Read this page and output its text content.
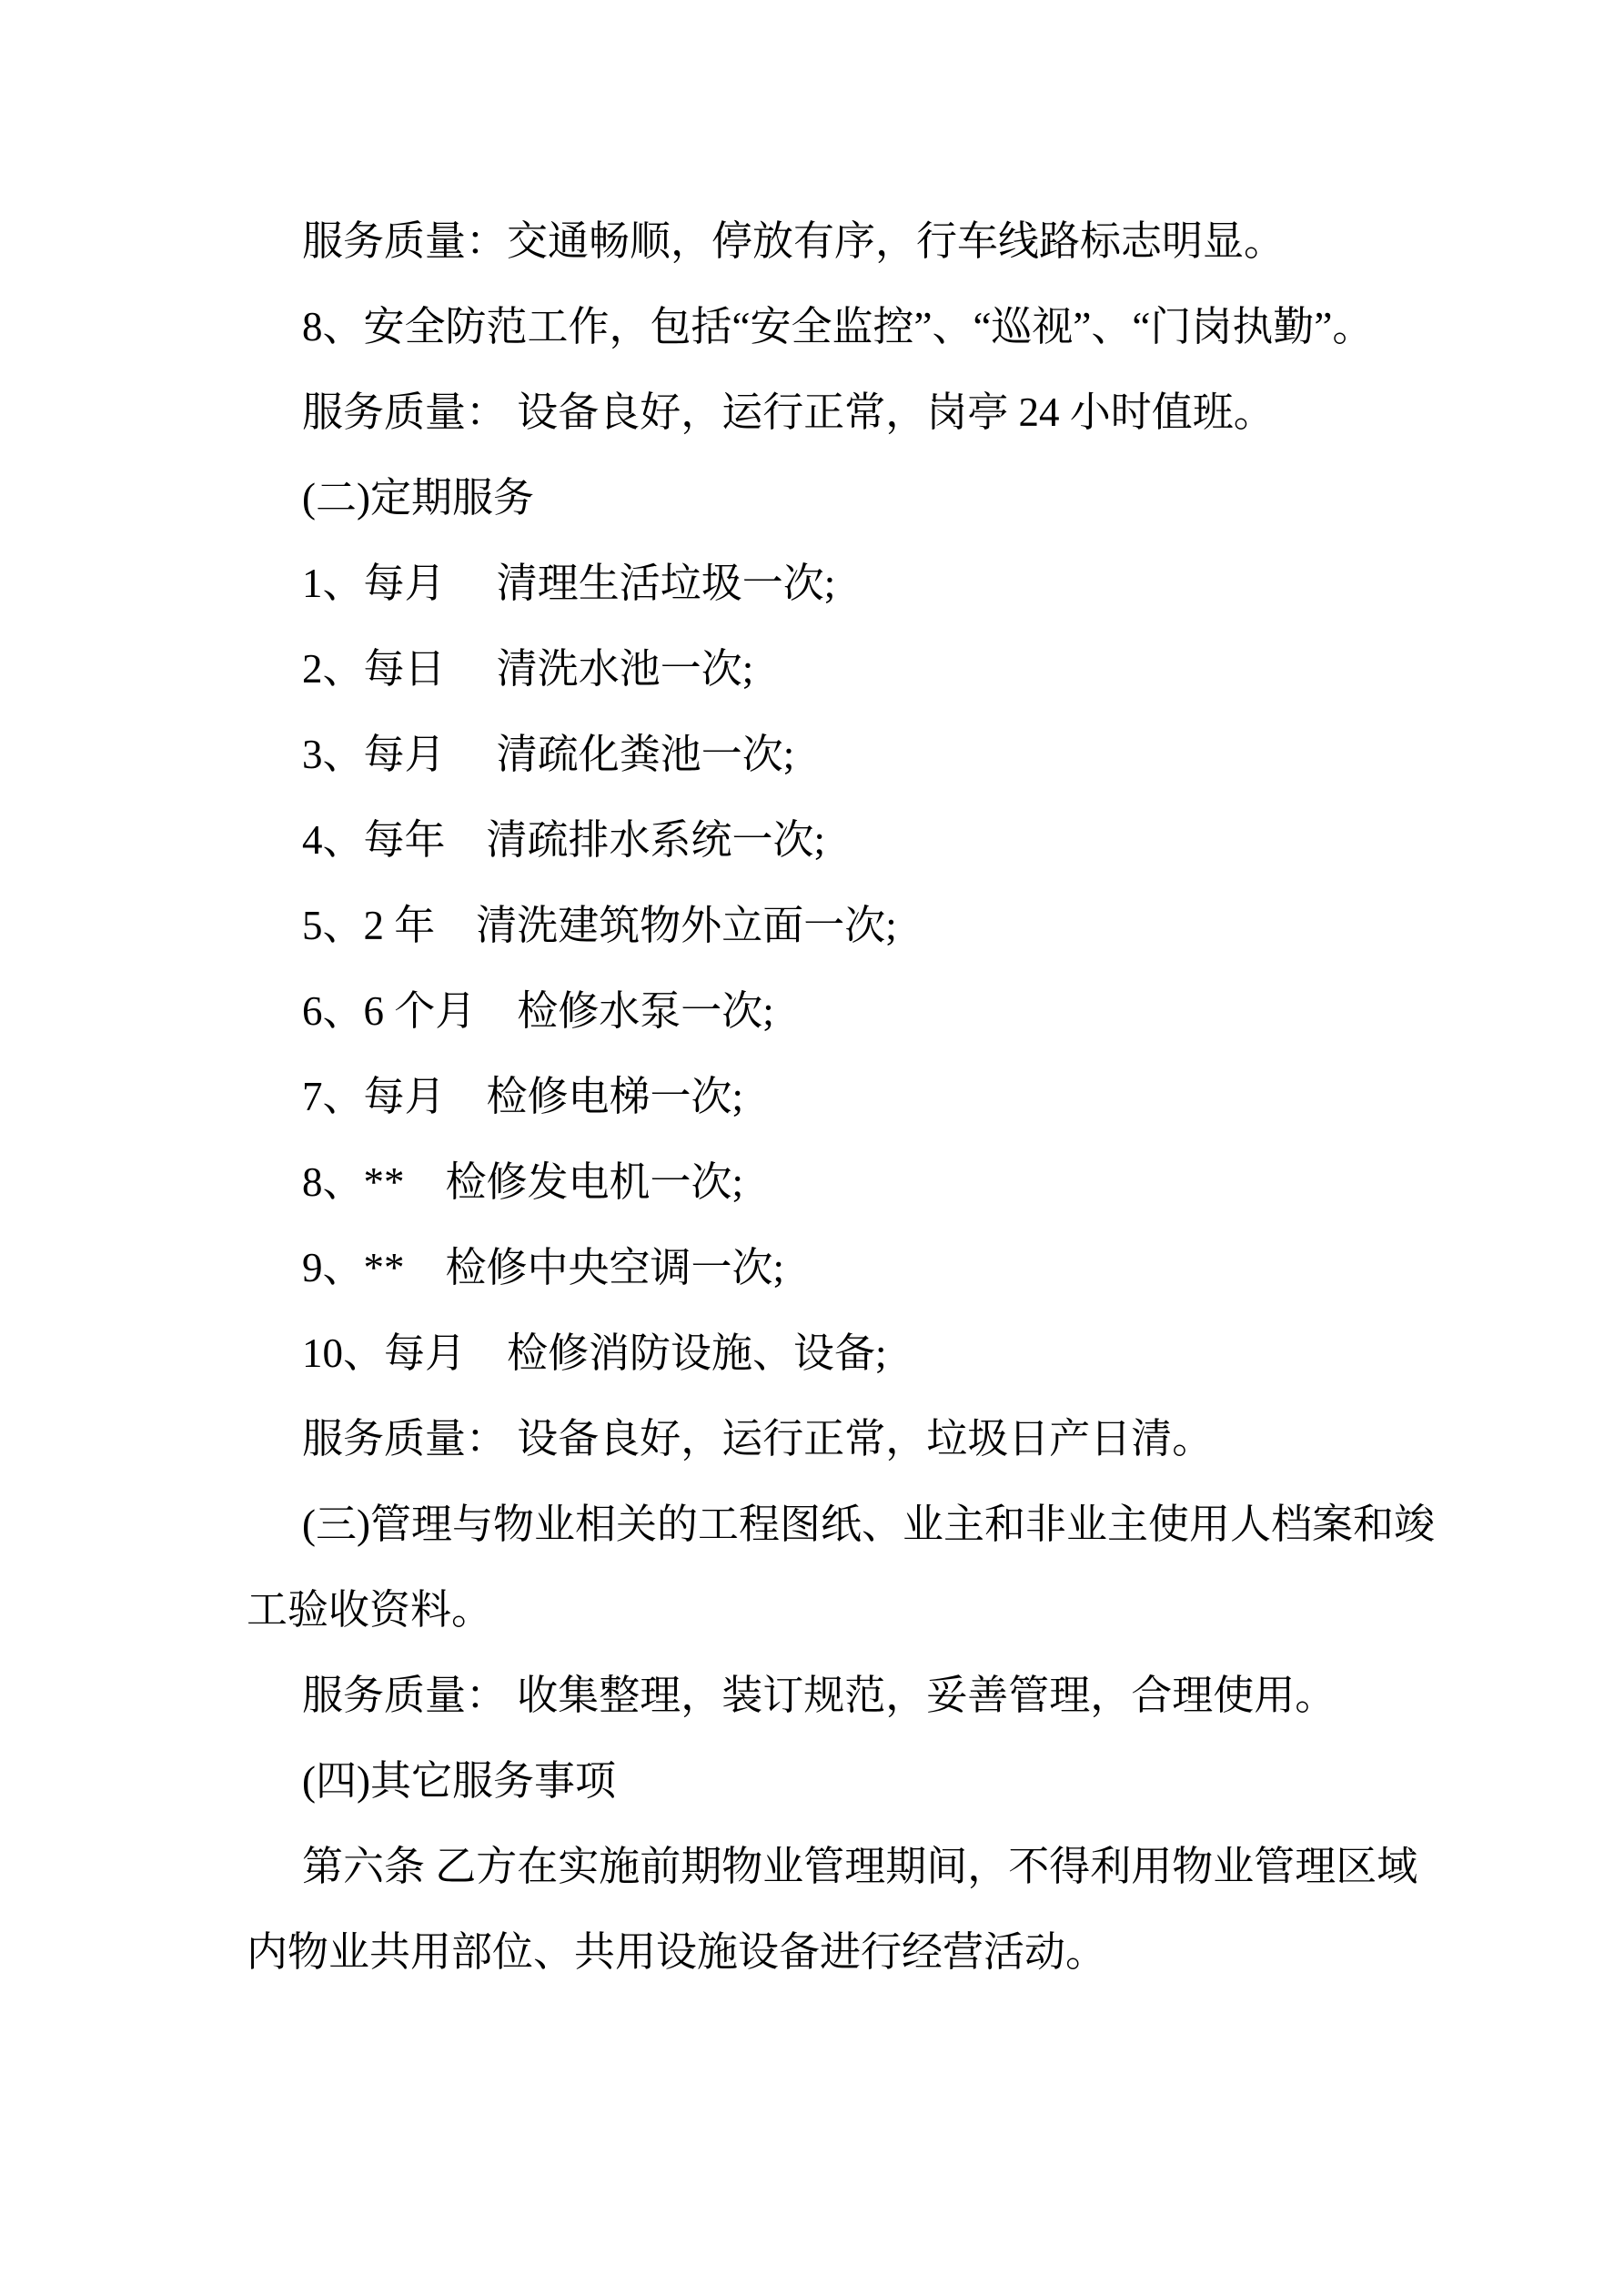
服务质量：交通畅顺，停放有序，行车线路标志明显。
8、安全防范工作，包括“安全监控”、“巡视”、“门岗执勤”。
服务质量： 设备良好，运行正常，岗亭 24 小时值班。
(二)定期服务
1、每月　 清理生活垃圾一次;
2、每日　 清洗水池一次;
3、每月　 清疏化粪池一次;
4、每年　清疏排水系统一次;
5、2 年　清洗建筑物外立面一次;
6、6 个月　检修水泵一次;
7、每月　检修电梯一次;
8、**　检修发电机一次;
9、**　检修中央空调一次;
10、每月　检修消防设施、设备;
服务质量： 设备良好，运行正常，垃圾日产日清。
(三)管理与物业相关的工程图纸、业主和非业主使用人档案和竣
工验收资料。
服务质量： 收集整理，装订规范，妥善管理，合理使用。
(四)其它服务事项
第六条 乙方在实施前期物业管理期间，不得利用物业管理区域
内物业共用部位、共用设施设备进行经营活动。
